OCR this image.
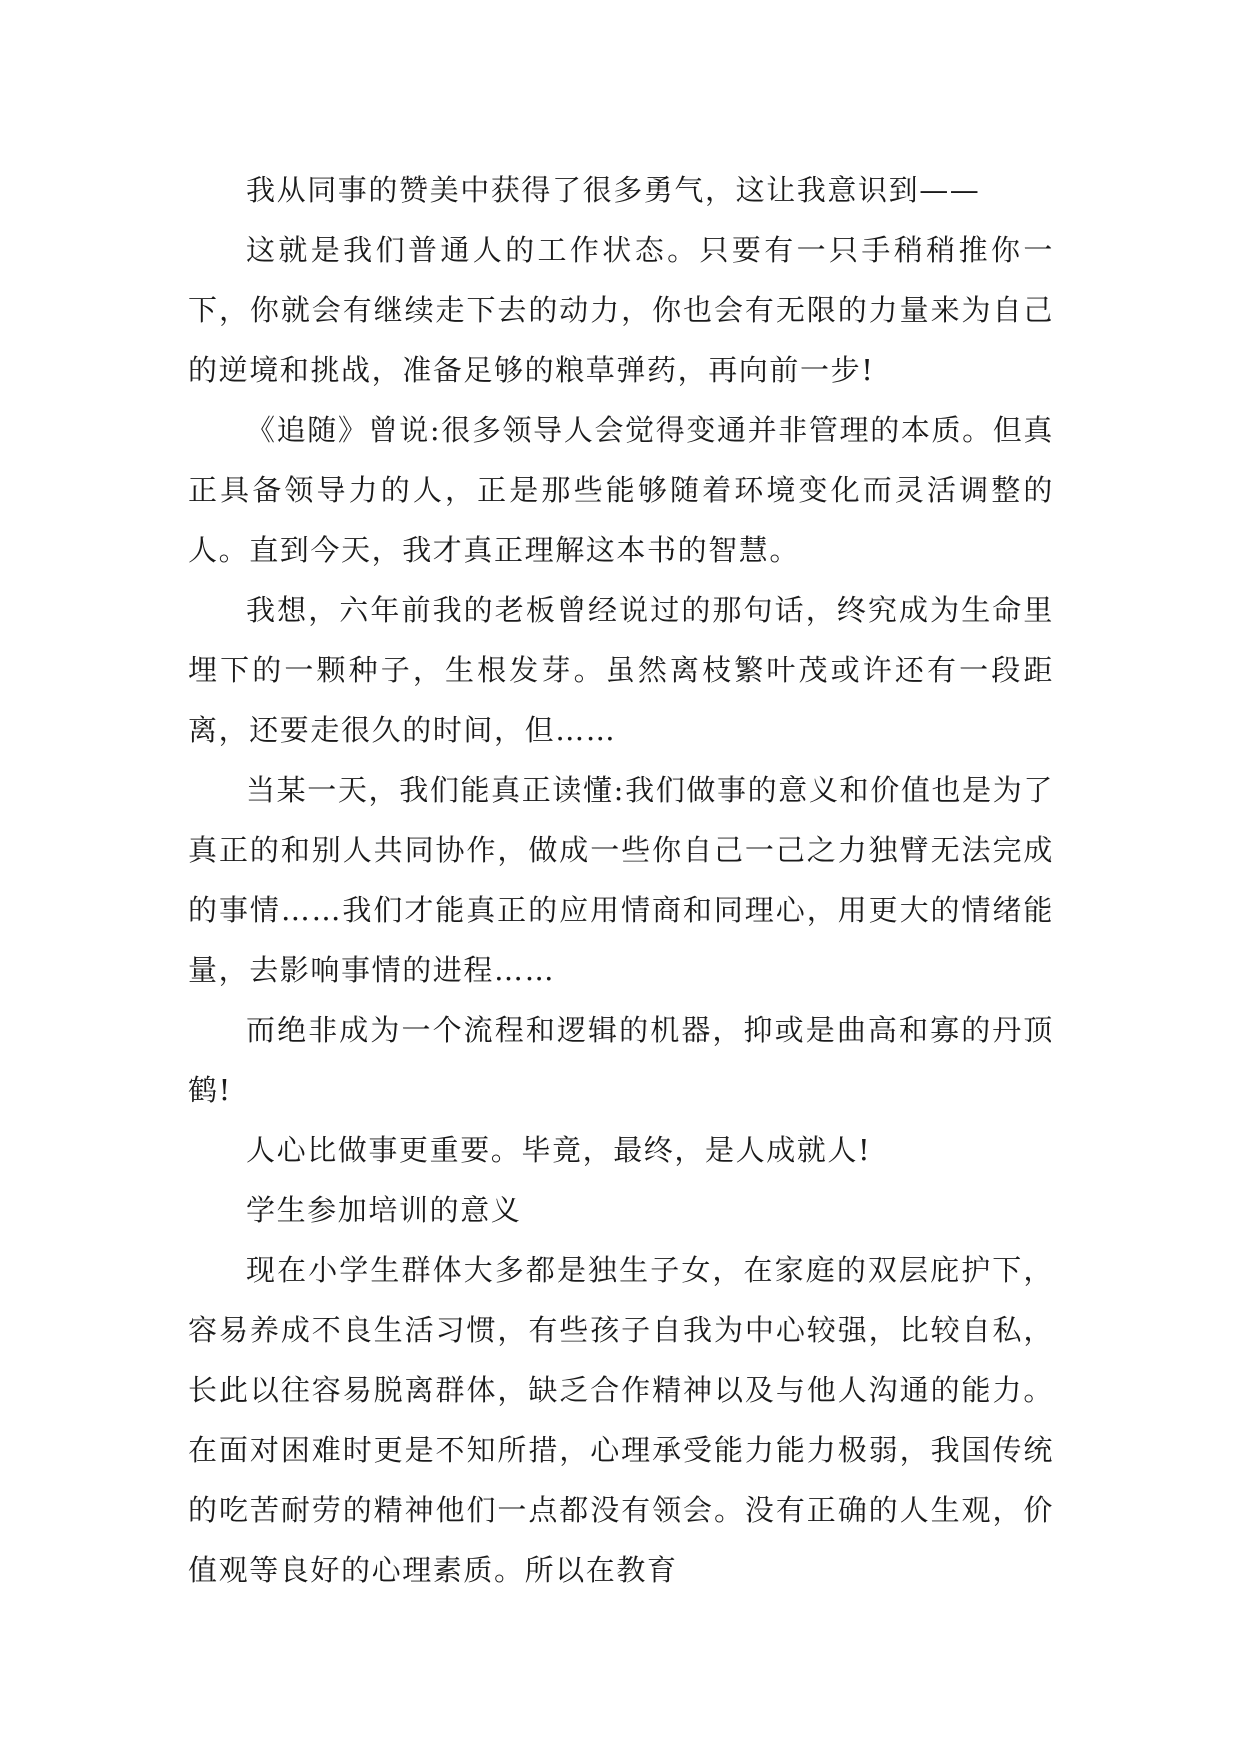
我从同事的赞美中获得了很多勇气，这让我意识到——

这就是我们普通人的工作状态。只要有一只手稍稍推你一下，你就会有继续走下去的动力，你也会有无限的力量来为自己的逆境和挑战，准备足够的粮草弹药，再向前一步!

《追随》曾说:很多领导人会觉得变通并非管理的本质。但真正具备领导力的人，正是那些能够随着环境变化而灵活调整的人。直到今天，我才真正理解这本书的智慧。

我想，六年前我的老板曾经说过的那句话，终究成为生命里埋下的一颗种子，生根发芽。虽然离枝繁叶茂或许还有一段距离，还要走很久的时间，但……

当某一天，我们能真正读懂:我们做事的意义和价值也是为了真正的和别人共同协作，做成一些你自己一己之力独臂无法完成的事情……我们才能真正的应用情商和同理心，用更大的情绪能量，去影响事情的进程……

而绝非成为一个流程和逻辑的机器，抑或是曲高和寡的丹顶鹤!

人心比做事更重要。毕竟，最终，是人成就人!

学生参加培训的意义

现在小学生群体大多都是独生子女，在家庭的双层庇护下，容易养成不良生活习惯，有些孩子自我为中心较强，比较自私，长此以往容易脱离群体，缺乏合作精神以及与他人沟通的能力。在面对困难时更是不知所措，心理承受能力能力极弱，我国传统的吃苦耐劳的精神他们一点都没有领会。没有正确的人生观，价值观等良好的心理素质。所以在教育
